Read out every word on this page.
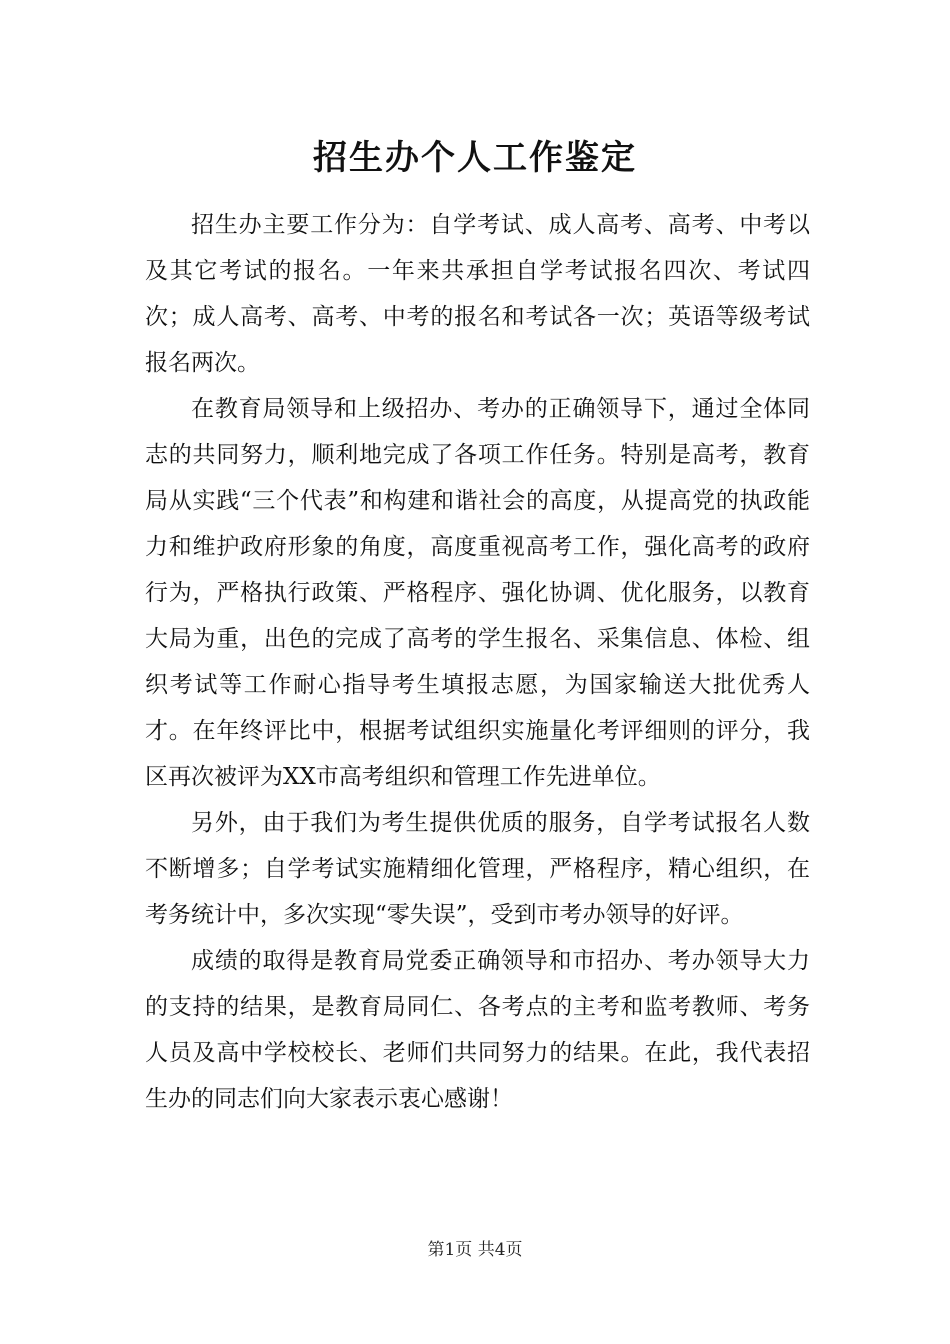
招生办个人工作鉴定

招生办主要工作分为：自学考试、成人高考、高考、中考以及其它考试的报名。一年来共承担自学考试报名四次、考试四次；成人高考、高考、中考的报名和考试各一次；英语等级考试报名两次。

在教育局领导和上级招办、考办的正确领导下，通过全体同志的共同努力，顺利地完成了各项工作任务。特别是高考，教育局从实践“三个代表”和构建和谐社会的高度，从提高党的执政能力和维护政府形象的角度，高度重视高考工作，强化高考的政府行为，严格执行政策、严格程序、强化协调、优化服务，以教育大局为重，出色的完成了高考的学生报名、采集信息、体检、组织考试等工作耐心指导考生填报志愿，为国家输送大批优秀人才。在年终评比中，根据考试组织实施量化考评细则的评分，我区再次被评为XX市高考组织和管理工作先进单位。

另外，由于我们为考生提供优质的服务，自学考试报名人数不断增多；自学考试实施精细化管理，严格程序，精心组织，在考务统计中，多次实现“零失误”，受到市考办领导的好评。

成绩的取得是教育局党委正确领导和市招办、考办领导大力的支持的结果，是教育局同仁、各考点的主考和监考教师、考务人员及高中学校校长、老师们共同努力的结果。在此，我代表招生办的同志们向大家表示衷心感谢！

第1页 共4页
